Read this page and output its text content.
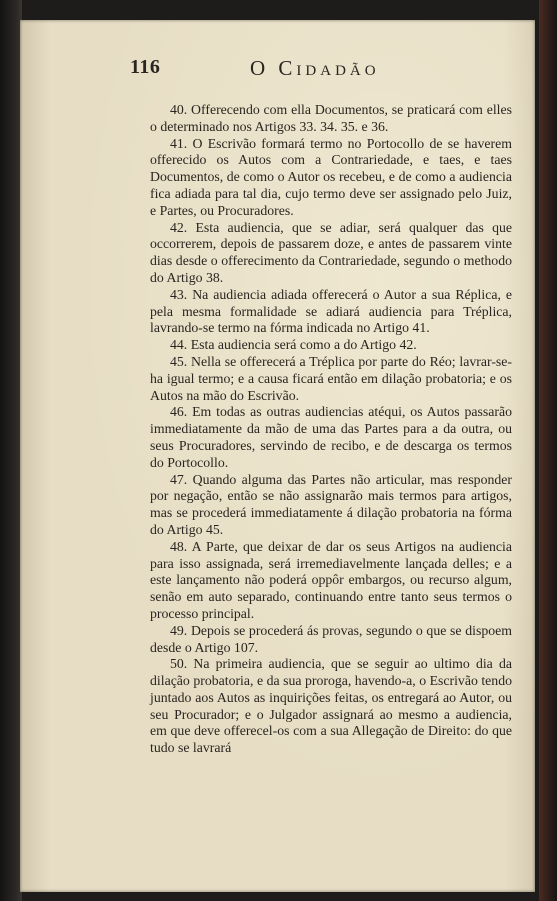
116	O Cidadão

40. Offerecendo com ella Documentos, se praticará com elles o determinado nos Artigos 33. 34. 35. e 36.

41. O Escrivão formará termo no Portocollo de se haverem offerecido os Autos com a Contrariedade, e taes, e taes Documentos, de como o Autor os recebeu, e de como a audiencia fica adiada para tal dia, cujo termo deve ser assignado pelo Juiz, e Partes, ou Procuradores.

42. Esta audiencia, que se adiar, será qualquer das que occorrerem, depois de passarem doze, e antes de passarem vinte dias desde o offerecimento da Contrariedade, segundo o methodo do Artigo 38.

43. Na audiencia adiada offerecerá o Autor a sua Réplica, e pela mesma formalidade se adiará audiencia para Tréplica, lavrando-se termo na fórma indicada no Artigo 41.

44. Esta audiencia será como a do Artigo 42.

45. Nella se offerecerá a Tréplica por parte do Réo; lavrar-se-ha igual termo; e a causa ficará então em dilação probatoria; e os Autos na mão do Escrivão.

46. Em todas as outras audiencias atéqui, os Autos passarão immediatamente da mão de uma das Partes para a da outra, ou seus Procuradores, servindo de recibo, e de descarga os termos do Portocollo.

47. Quando alguma das Partes não articular, mas responder por negação, então se não assignarão mais termos para artigos, mas se procederá immediatamente á dilação probatoria na fórma do Artigo 45.

48. A Parte, que deixar de dar os seus Artigos na audiencia para isso assignada, será irremediavelmente lançada delles; e a este lançamento não poderá oppôr embargos, ou recurso algum, senão em auto separado, continuando entre tanto seus termos o processo principal.

49. Depois se procederá ás provas, segundo o que se dispoem desde o Artigo 107.

50. Na primeira audiencia, que se seguir ao ultimo dia da dilação probatoria, e da sua proroga, havendo-a, o Escrivão tendo juntado aos Autos as inquirições feitas, os entregará ao Autor, ou seu Procurador; e o Julgador assignará ao mesmo a audiencia, em que deve offerecel-os com a sua Allegação de Direito: do que tudo se lavrará
